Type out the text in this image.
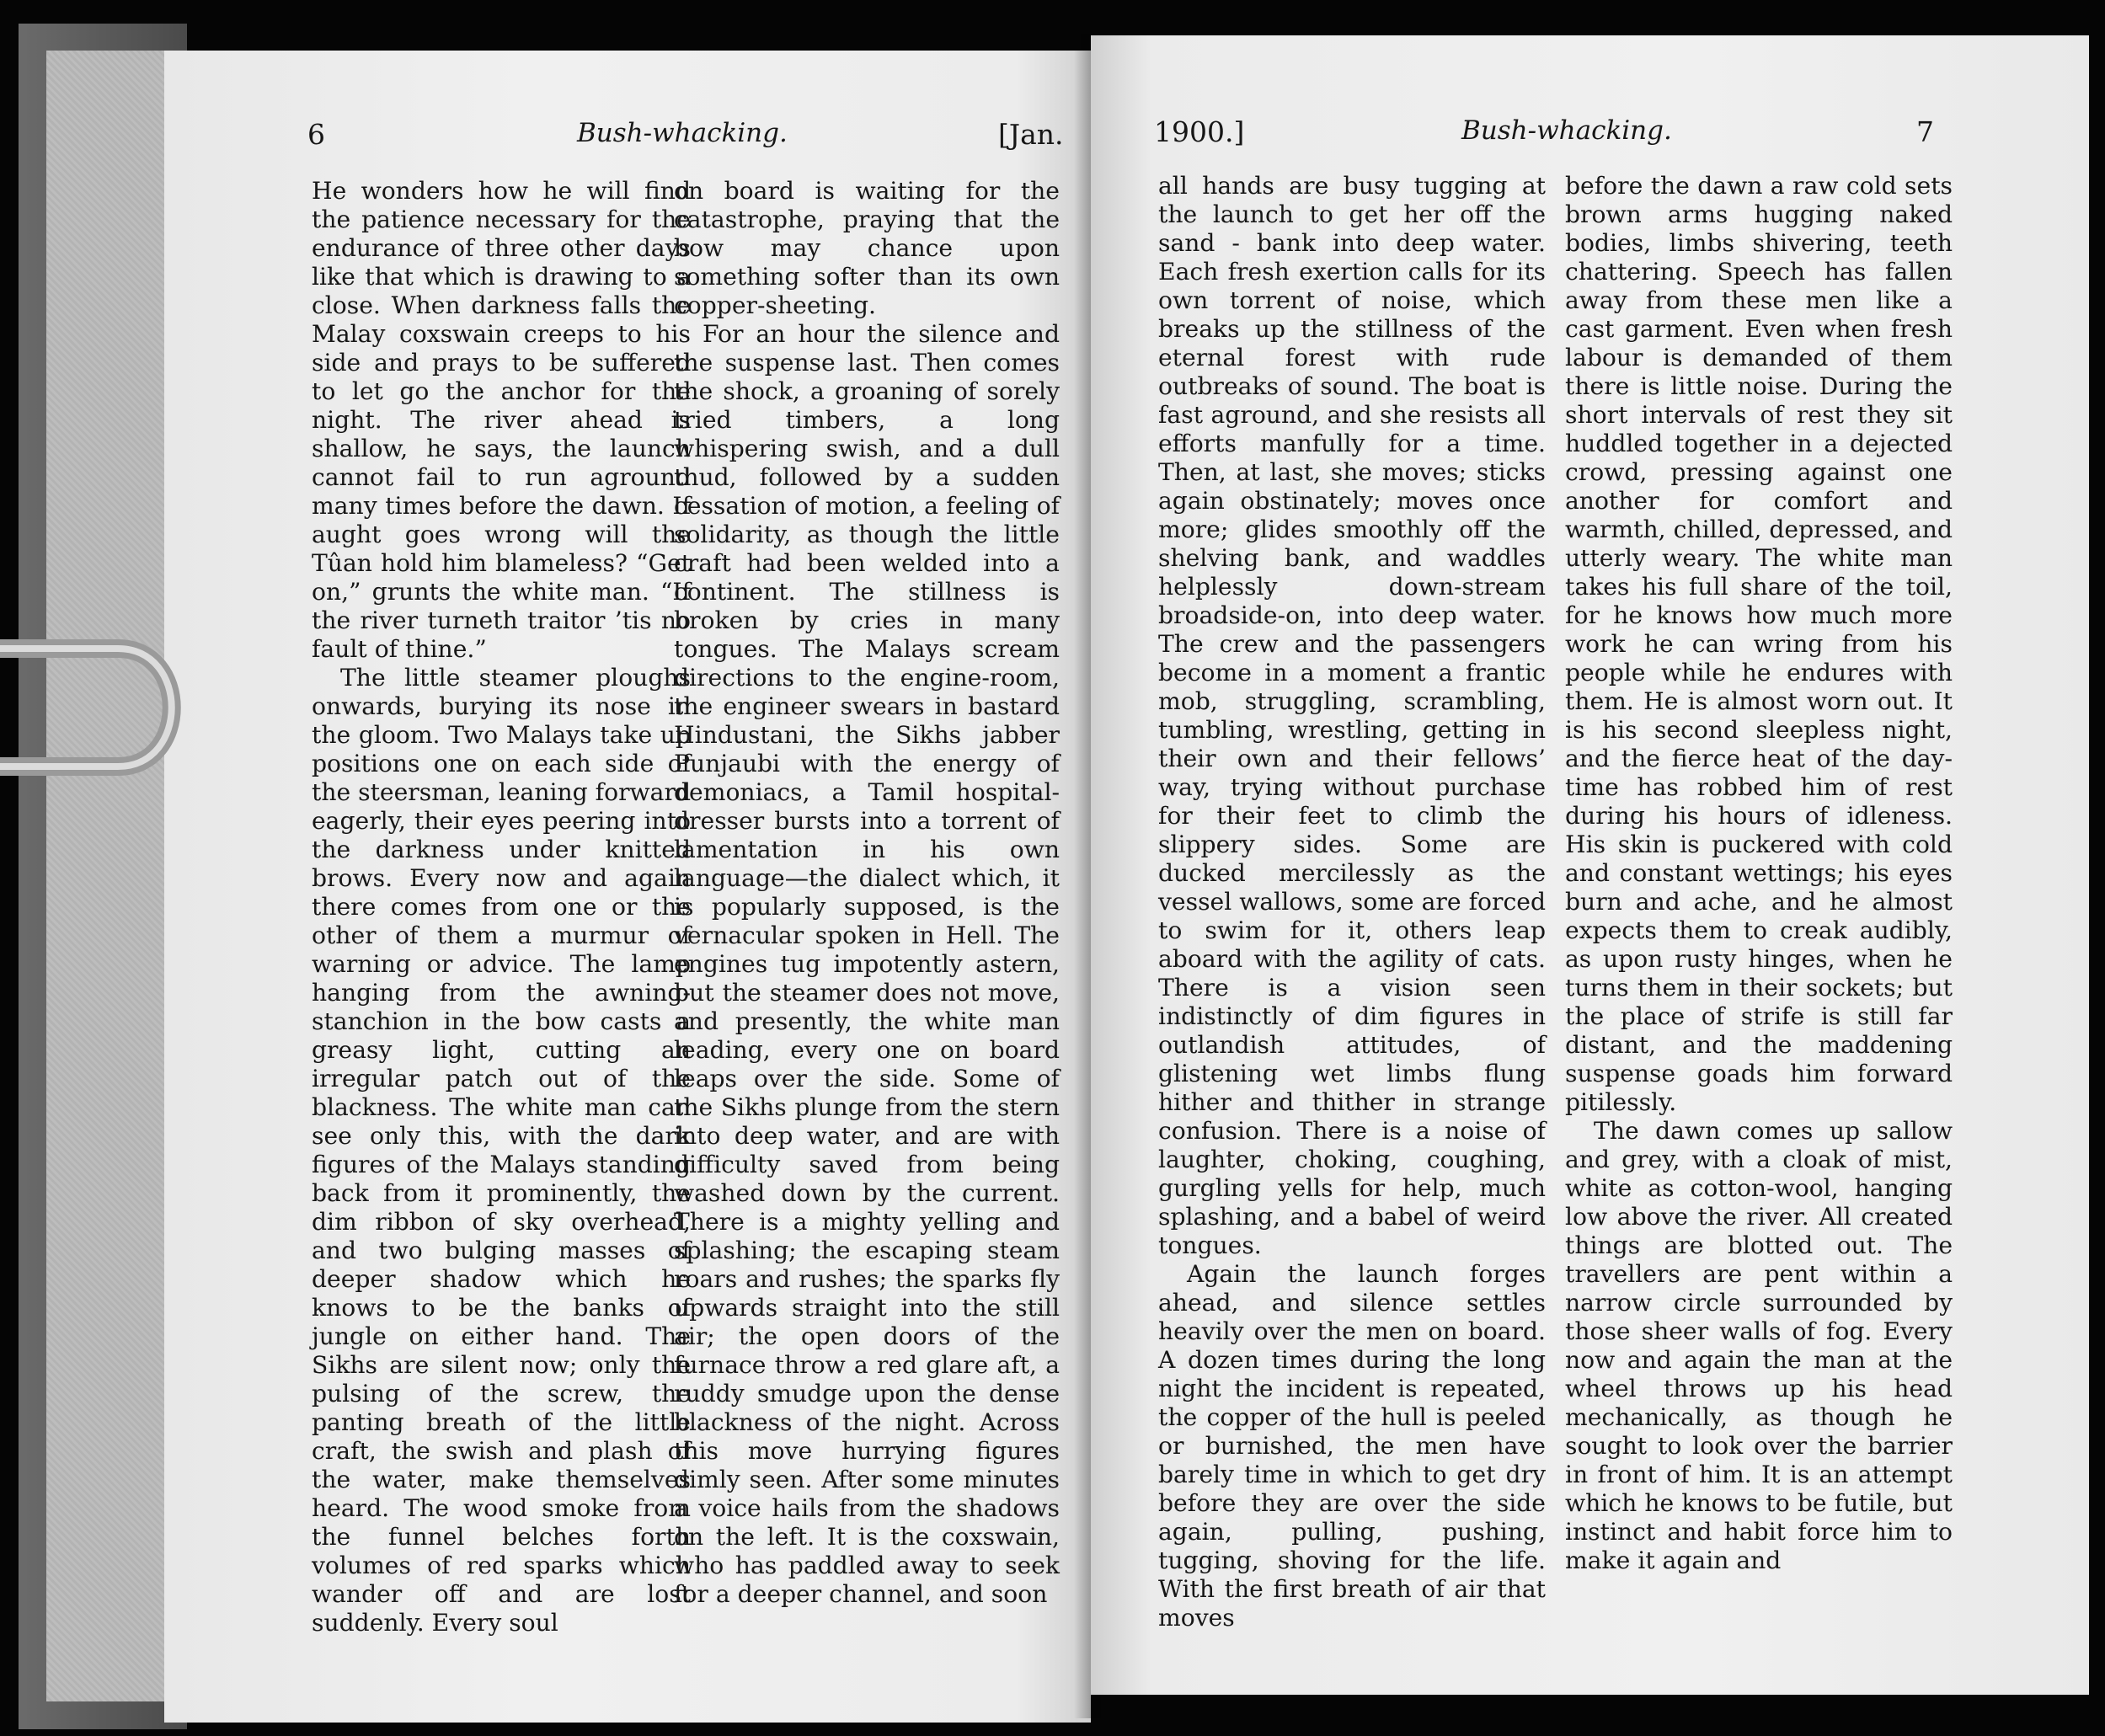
6	Bush-whacking.	[Jan.

He wonders how he will find the patience necessary for the endurance of three other days like that which is drawing to a close. When darkness falls the Malay coxswain creeps to his side and prays to be suffered to let go the anchor for the night. The river ahead is shallow, he says, the launch cannot fail to run aground many times before the dawn. If aught goes wrong will the Tûan hold him blameless? “Get on,” grunts the white man. “If the river turneth traitor ’tis no fault of thine.”

The little steamer ploughs onwards, burying its nose in the gloom. Two Malays take up positions one on each side of the steersman, leaning forward eagerly, their eyes peering into the darkness under knitted brows. Every now and again there comes from one or the other of them a murmur of warning or advice. The lamp hanging from the awning-stanchion in the bow casts a greasy light, cutting an irregular patch out of the blackness. The white man can see only this, with the dark figures of the Malays standing back from it prominently, the dim ribbon of sky overhead, and two bulging masses of deeper shadow which he knows to be the banks of jungle on either hand. The Sikhs are silent now; only the pulsing of the screw, the panting breath of the little craft, the swish and plash of the water, make themselves heard. The wood smoke from the funnel belches forth volumes of red sparks which wander off and are lost suddenly. Every soul

on board is waiting for the catastrophe, praying that the bow may chance upon something softer than its own copper-sheeting.

For an hour the silence and the suspense last. Then comes the shock, a groaning of sorely tried timbers, a long whispering swish, and a dull thud, followed by a sudden cessation of motion, a feeling of solidarity, as though the little craft had been welded into a continent. The stillness is broken by cries in many tongues. The Malays scream directions to the engine-room, the engineer swears in bastard Hindustani, the Sikhs jabber Punjaubi with the energy of demoniacs, a Tamil hospital-dresser bursts into a torrent of lamentation in his own language—the dialect which, it is popularly supposed, is the vernacular spoken in Hell. The engines tug impotently astern, but the steamer does not move, and presently, the white man leading, every one on board leaps over the side. Some of the Sikhs plunge from the stern into deep water, and are with difficulty saved from being washed down by the current. There is a mighty yelling and splashing; the escaping steam roars and rushes; the sparks fly upwards straight into the still air; the open doors of the furnace throw a red glare aft, a ruddy smudge upon the dense blackness of the night. Across this move hurrying figures dimly seen. After some minutes a voice hails from the shadows on the left. It is the coxswain, who has paddled away to seek for a deeper channel, and soon

1900.]	Bush-whacking.	7

all hands are busy tugging at the launch to get her off the sand - bank into deep water. Each fresh exertion calls for its own torrent of noise, which breaks up the stillness of the eternal forest with rude outbreaks of sound. The boat is fast aground, and she resists all efforts manfully for a time. Then, at last, she moves; sticks again obstinately; moves once more; glides smoothly off the shelving bank, and waddles helplessly down-stream broadside-on, into deep water. The crew and the passengers become in a moment a frantic mob, struggling, scrambling, tumbling, wrestling, getting in their own and their fellows’ way, trying without purchase for their feet to climb the slippery sides. Some are ducked mercilessly as the vessel wallows, some are forced to swim for it, others leap aboard with the agility of cats. There is a vision seen indistinctly of dim figures in outlandish attitudes, of glistening wet limbs flung hither and thither in strange confusion. There is a noise of laughter, choking, coughing, gurgling yells for help, much splashing, and a babel of weird tongues.

Again the launch forges ahead, and silence settles heavily over the men on board. A dozen times during the long night the incident is repeated, the copper of the hull is peeled or burnished, the men have barely time in which to get dry before they are over the side again, pulling, pushing, tugging, shoving for the life. With the first breath of air that moves

before the dawn a raw cold sets brown arms hugging naked bodies, limbs shivering, teeth chattering. Speech has fallen away from these men like a cast garment. Even when fresh labour is demanded of them there is little noise. During the short intervals of rest they sit huddled together in a dejected crowd, pressing against one another for comfort and warmth, chilled, depressed, and utterly weary. The white man takes his full share of the toil, for he knows how much more work he can wring from his people while he endures with them. He is almost worn out. It is his second sleepless night, and the fierce heat of the day-time has robbed him of rest during his hours of idleness. His skin is puckered with cold and constant wettings; his eyes burn and ache, and he almost expects them to creak audibly, as upon rusty hinges, when he turns them in their sockets; but the place of strife is still far distant, and the maddening suspense goads him forward pitilessly.

The dawn comes up sallow and grey, with a cloak of mist, white as cotton-wool, hanging low above the river. All created things are blotted out. The travellers are pent within a narrow circle surrounded by those sheer walls of fog. Every now and again the man at the wheel throws up his head mechanically, as though he sought to look over the barrier in front of him. It is an attempt which he knows to be futile, but instinct and habit force him to make it again and
